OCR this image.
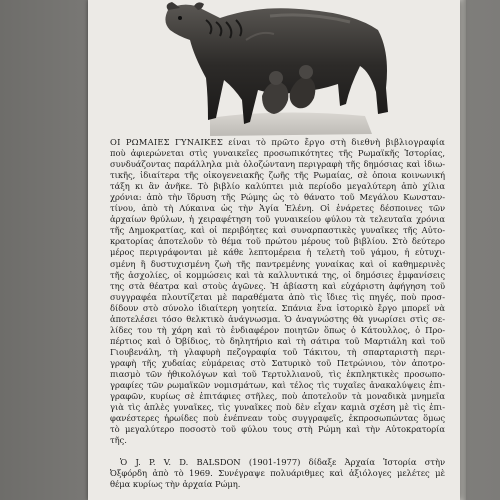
ΟΙ ΡΩΜΑΙΕΣ ΓΥΝΑΙΚΕΣ είναι τὸ πρῶτο ἔργο στὴ διεθνὴ βιβλιογραφία
ποὺ ἀφιερώνεται στὶς γυναικεῖες προσωπικότητες τῆς Ρωμαϊκῆς Ἱστορίας,
συνδυάζοντας παράλληλα μιὰ ὁλοζώντανη περιγραφὴ τῆς δημόσιας καὶ ἰδιω-
τικῆς, ἰδιαίτερα τῆς οἰκογενειακῆς ζωῆς τῆς Ρωμαίας, σὲ ὁποια κοινωνική
τάξη κι ἂν ἀνῆκε. Τὸ βιβλίο καλύπτει μιὰ περίοδο μεγαλύτερη ἀπὸ χίλια
χρόνια: ἀπὸ τὴν ἵδρυση τῆς Ρώμης ὡς τὸ θάνατο τοῦ Μεγάλου Κωνσταν-
τίνου, ἀπὸ τὴ Λύκαινα ὡς τὴν Ἁγία Ἑλένη. Οἱ ἐνάρετες δέσποινες τῶν
ἀρχαίων θρύλων, ἡ χειραφέτηση τοῦ γυναικείου φύλου τὰ τελευταῖα χρόνια
τῆς Δημοκρατίας, καὶ οἱ περιβόητες καὶ συναρπαστικὲς γυναῖκες τῆς Αὐτο-
κρατορίας ἀποτελοῦν τὸ θέμα τοῦ πρώτου μέρους τοῦ βιβλίου. Στὸ δεύτερο
μέρος περιγράφονται μὲ κάθε λεπτομέρεια ἡ τελετὴ τοῦ γάμου, ἡ εὐτυχι-
σμένη ἢ δυστυχισμένη ζωὴ τῆς παντρεμένης γυναίκας καὶ οἱ καθημερινὲς
τῆς ἀσχολίες, οἱ κομμώσεις καὶ τὰ καλλυντικά της, οἱ δημόσιες ἐμφανίσεις
της στὰ θέατρα καὶ στοὺς ἀγῶνες. Ἡ ἀβίαστη καὶ εὐχάριστη ἀφήγηση τοῦ
συγγραφέα πλουτίζεται μὲ παραθέματα ἀπὸ τὶς ἴδιες τὶς πηγές, ποὺ προσ-
δίδουν στὸ σύνολο ἰδιαίτερη γοητεία. Σπάνια ἕνα ἱστορικὸ ἔργο μπορεῖ νὰ
ἀποτελέσει τόσο θελκτικὸ ἀνάγνωσμα. Ὁ ἀναγνώστης θὰ γνωρίσει στὶς σε-
λίδες του τὴ χάρη καὶ τὸ ἐνδιαφέρον ποιητῶν ὅπως ὁ Κάτουλλος, ὁ Προ-
πέρτιος καὶ ὁ Ὀβίδιος, τὸ δηλητήριο καὶ τὴ σάτιρα τοῦ Μαρτιάλη καὶ τοῦ
Γιουβενάλη, τὴ γλαφυρὴ πεζογραφία τοῦ Τάκιτου, τὴ σπαρταριστὴ περι-
γραφὴ τῆς χυδαίας εὐμάρειας στὸ Σατυρικὸ τοῦ Πετρώνιου, τὸν ἀποτρο-
πιασμὸ τῶν ἠθικολόγων καὶ τοῦ Τερτυλλιανοῦ, τὶς ἐκπληκτικὲς προσωπο-
γραφίες τῶν ρωμαϊκῶν νομισμάτων, καὶ τέλος τὶς τυχαῖες ἀνακαλύψεις ἐπι-
γραφῶν, κυρίως σὲ ἐπιτάφιες στῆλες, ποὺ ἀποτελοῦν τὰ μοναδικὰ μνημεῖα
γιὰ τὶς ἁπλὲς γυναῖκες, τὶς γυναῖκες ποὺ δὲν εἶχαν καμιὰ σχέση μὲ τὶς ἐπι-
φανέστερες ἡρωίδες ποὺ ἐνέπνεαν τοὺς συγγραφεῖς, ἐκπροσωπώντας ὅμως
τὸ μεγαλύτερο ποσοστὸ τοῦ φύλου τους στὴ Ρώμη καὶ τὴν Αὐτοκρατορία
τῆς.
Ὁ J. P. V. D. BALSDON (1901-1977) δίδαξε Ἀρχαία Ἱστορία στὴν
Ὀξφόρδη ἀπὸ τὸ 1969. Συνέγραψε πολυάριθμες καὶ ἀξιόλογες μελέτες μὲ
θέμα κυρίως τὴν ἀρχαία Ρώμη.
